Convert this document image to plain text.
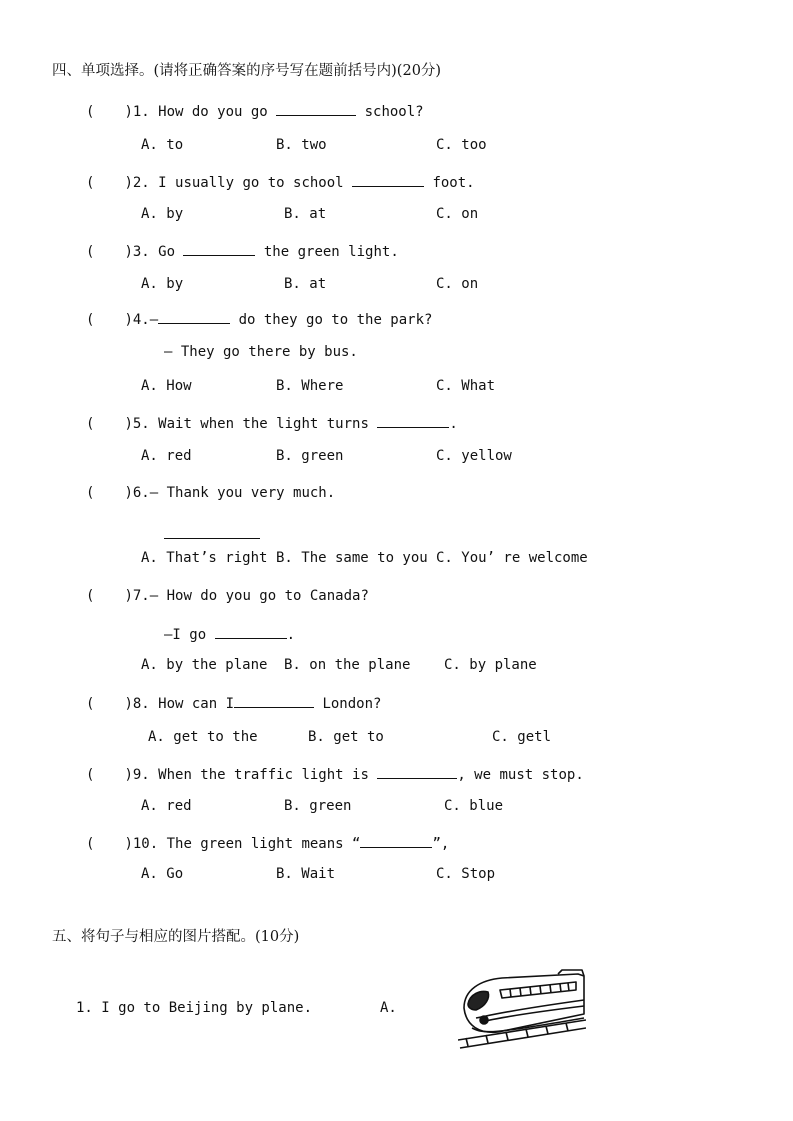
四、单项选择。(请将正确答案的序号写在题前括号内)(20分)
( )1. How do you go	school?
A. to	B. two	C. too
( )2. I usually go to school	foot.
A. by	B. at	C. on
( )3. Go	the green light.
A. by	B. at	C. on
( )4.—	do they go to the park?
— They go there by bus.
A. How	B. Where	C. What
( )5. Wait when the light turns	.
A. red	B. green	C. yellow
( )6.— Thank you very much.
A. That’s right B. The same to you C. You’ re welcome
( )7.— How do you go to Canada?
—I go	.
A. by the plane B. on the plane C. by plane
( )8. How can I	London?
A. get to the	B. get to	C. getl
( )9. When the traffic light is	, we must stop.
A. red	B. green	C. blue
( )10. The green light means “	”,
A. Go	B. Wait	C. Stop
五、将句子与相应的图片搭配。(10分)
1. I go to Beijing by plane.	A.
